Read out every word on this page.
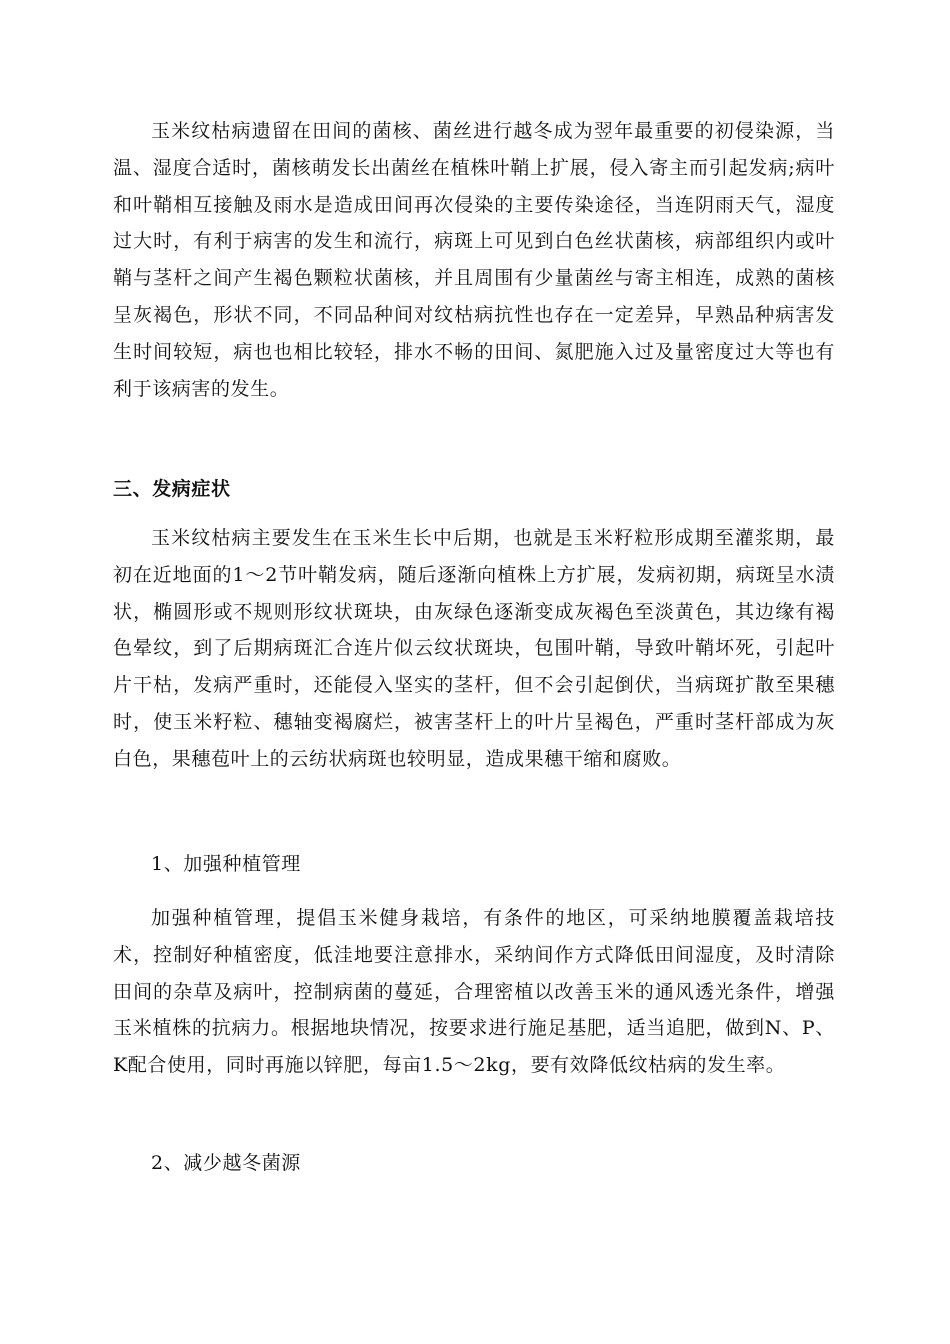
玉米纹枯病遗留在田间的菌核、菌丝进行越冬成为翌年最重要的初侵染源，当温、湿度合适时，菌核萌发长出菌丝在植株叶鞘上扩展，侵入寄主而引起发病;病叶和叶鞘相互接触及雨水是造成田间再次侵染的主要传染途径，当连阴雨天气，湿度过大时，有利于病害的发生和流行，病斑上可见到白色丝状菌核，病部组织内或叶鞘与茎杆之间产生褐色颗粒状菌核，并且周围有少量菌丝与寄主相连，成熟的菌核呈灰褐色，形状不同，不同品种间对纹枯病抗性也存在一定差异，早熟品种病害发生时间较短，病也也相比较轻，排水不畅的田间、氮肥施入过及量密度过大等也有利于该病害的发生。

三、发病症状

玉米纹枯病主要发生在玉米生长中后期，也就是玉米籽粒形成期至灌浆期，最初在近地面的1～2节叶鞘发病，随后逐渐向植株上方扩展，发病初期，病斑呈水渍状，椭圆形或不规则形纹状斑块，由灰绿色逐渐变成灰褐色至淡黄色，其边缘有褐色晕纹，到了后期病斑汇合连片似云纹状斑块，包围叶鞘，导致叶鞘坏死，引起叶片干枯，发病严重时，还能侵入坚实的茎杆，但不会引起倒伏，当病斑扩散至果穗时，使玉米籽粒、穗轴变褐腐烂，被害茎杆上的叶片呈褐色，严重时茎杆部成为灰白色，果穗苞叶上的云纺状病斑也较明显，造成果穗干缩和腐败。

1、加强种植管理

加强种植管理，提倡玉米健身栽培，有条件的地区，可采纳地膜覆盖栽培技术，控制好种植密度，低洼地要注意排水，采纳间作方式降低田间湿度，及时清除田间的杂草及病叶，控制病菌的蔓延，合理密植以改善玉米的通风透光条件，增强玉米植株的抗病力。根据地块情况，按要求进行施足基肥，适当追肥，做到N、P、K配合使用，同时再施以锌肥，每亩1.5～2kg，要有效降低纹枯病的发生率。

2、减少越冬菌源
